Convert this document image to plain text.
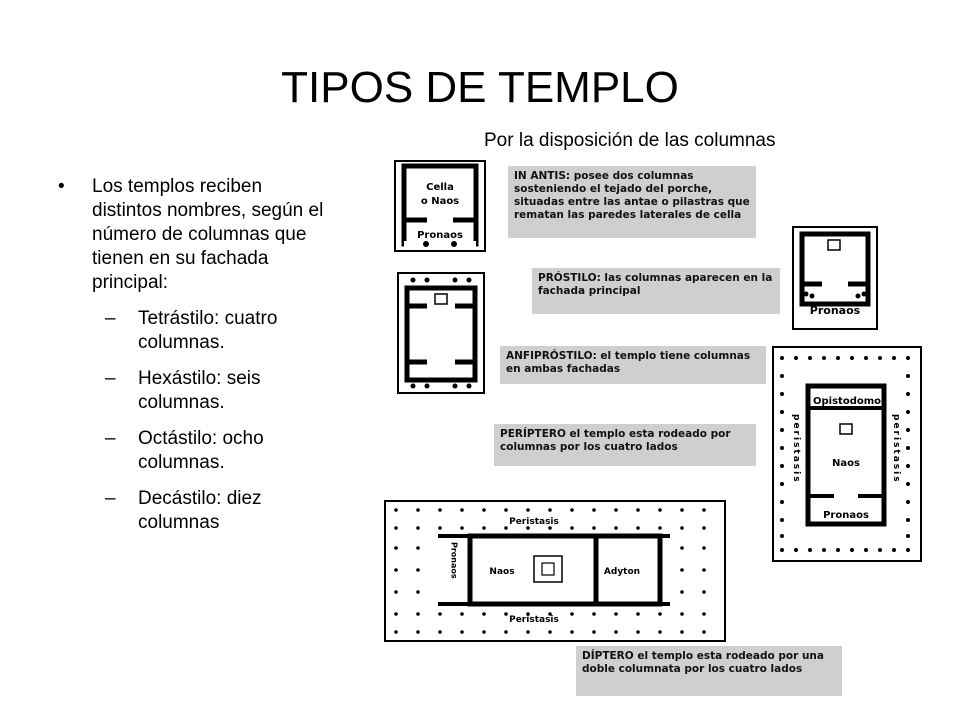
TIPOS DE TEMPLO
Por la disposición de las columnas
• Los templos reciben distintos nombres, según el número de columnas que tienen en su fachada principal:
– Tetrástilo: cuatro columnas.
– Hexástilo: seis columnas.
– Octástilo: ocho columnas.
– Decástilo: diez columnas
IN ANTIS: posee dos columnas sosteniendo el tejado del porche, situadas entre las antae o pilastras que rematan las paredes laterales de cella
PRÓSTILO: las columnas aparecen en la fachada principal
ANFIPRÓSTILO: el templo tiene columnas en ambas fachadas
PERÍPTERO el templo esta rodeado por columnas por los cuatro lados
DÍPTERO el templo esta rodeado por una doble columnata por los cuatro lados
Cella
o Naos
Pronaos
Pronaos
Opistodomos
Naos
Pronaos
peristasis	peristasis
Naos	Adyton
Peristasis
Peristasis
Pronaos
